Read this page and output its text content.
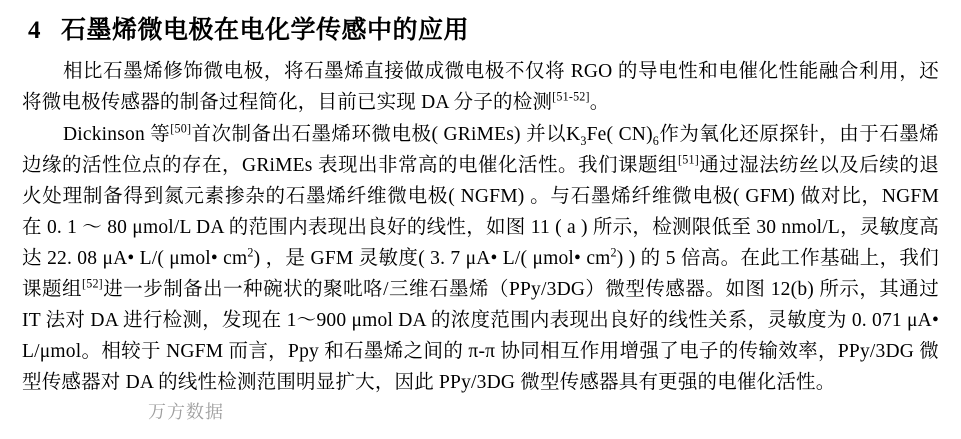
4 石墨烯微电极在电化学传感中的应用

相比石墨烯修饰微电极，将石墨烯直接做成微电极不仅将 RGO 的导电性和电催化性能融合利用，还将微电极传感器的制备过程简化，目前已实现 DA 分子的检测[51-52]。

Dickinson 等[50]首次制备出石墨烯环微电极( GRiMEs) 并以$K_3Fe$( $CN)_6$作为氧化还原探针，由于石墨烯边缘的活性位点的存在，GRiMEs 表现出非常高的电催化活性。我们课题组[51]通过湿法纺丝以及后续的退火处理制备得到氮元素掺杂的石墨烯纤维微电极( NGFM) 。与石墨烯纤维微电极( GFM) 做对比，NGFM 在 0. 1 ～ 80 μmol/L DA 的范围内表现出良好的线性，如图 11 ( a ) 所示，检测限低至 30 nmol/L，灵敏度高达 22. 08 μA• L/( μmol• $cm^2$) ，是 GFM 灵敏度( 3. 7 μA• L/( μmol• $cm^2$) ) 的 5 倍高。在此工作基础上，我们课题组[52]进一步制备出一种碗状的聚吡咯/三维石墨烯（PPy/3DG）微型传感器。如图 12(b) 所示，其通过 IT 法对 DA 进行检测，发现在 1～900 μmol DA 的浓度范围内表现出良好的线性关系，灵敏度为 0. 071 μA• L/μmol。相较于 NGFM 而言，Ppy 和石墨烯之间的 π-π 协同相互作用增强了电子的传输效率，PPy/3DG 微型传感器对 DA 的线性检测范围明显扩大，因此 PPy/3DG 微型传感器具有更强的电催化活性。

万方数据
